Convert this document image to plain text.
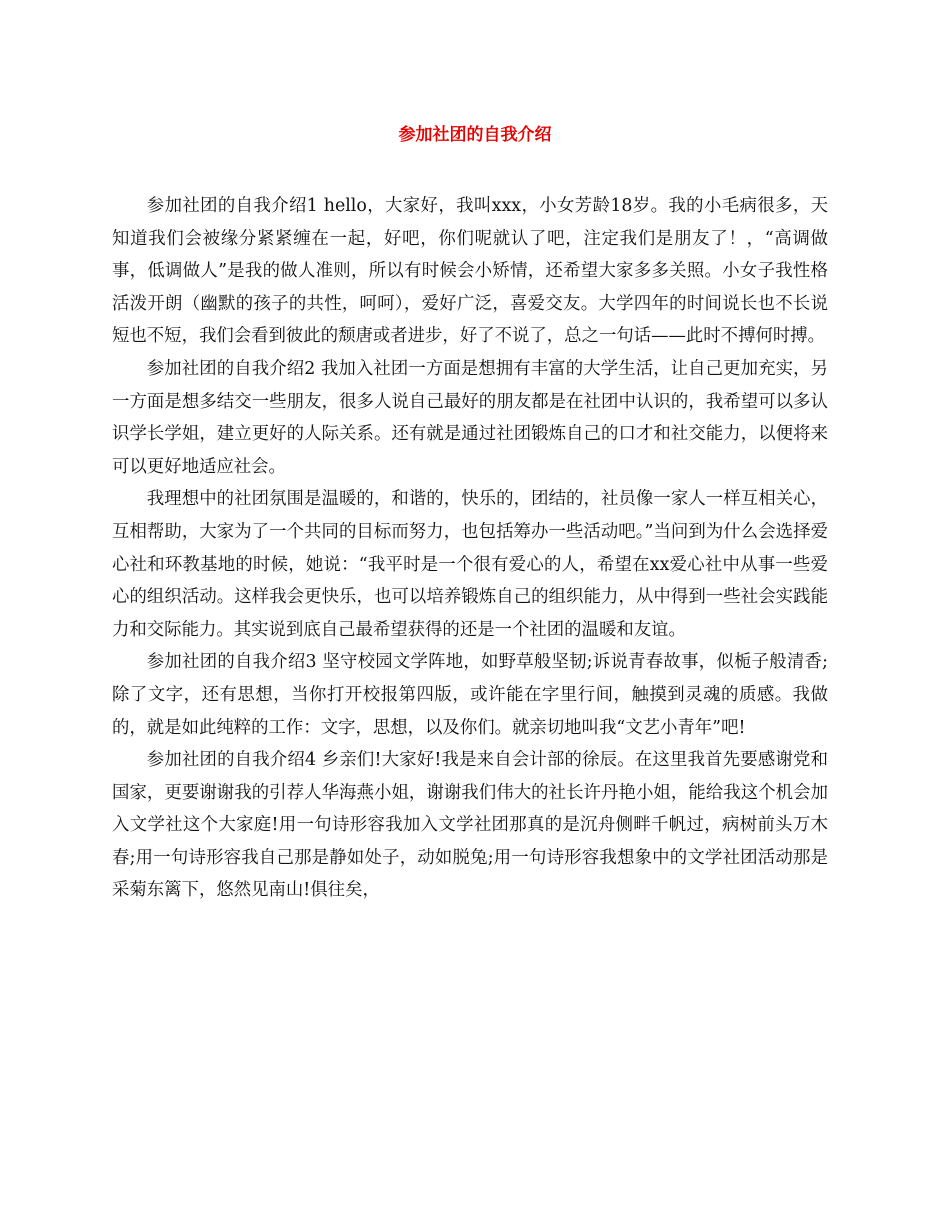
参加社团的自我介绍

参加社团的自我介绍1 hello，大家好，我叫xxx，小女芳龄18岁。我的小毛病很多，天知道我们会被缘分紧紧缠在一起，好吧，你们呢就认了吧，注定我们是朋友了！，“高调做事，低调做人”是我的做人准则，所以有时候会小矫情，还希望大家多多关照。小女子我性格活泼开朗（幽默的孩子的共性，呵呵），爱好广泛，喜爱交友。大学四年的时间说长也不长说短也不短，我们会看到彼此的颓唐或者进步，好了不说了，总之一句话——此时不搏何时搏。

参加社团的自我介绍2 我加入社团一方面是想拥有丰富的大学生活，让自己更加充实，另一方面是想多结交一些朋友，很多人说自己最好的朋友都是在社团中认识的，我希望可以多认识学长学姐，建立更好的人际关系。还有就是通过社团锻炼自己的口才和社交能力，以便将来可以更好地适应社会。

我理想中的社团氛围是温暖的，和谐的，快乐的，团结的，社员像一家人一样互相关心，互相帮助，大家为了一个共同的目标而努力，也包括筹办一些活动吧。”当问到为什么会选择爱心社和环教基地的时候，她说：“我平时是一个很有爱心的人，希望在xx爱心社中从事一些爱心的组织活动。这样我会更快乐，也可以培养锻炼自己的组织能力，从中得到一些社会实践能力和交际能力。其实说到底自己最希望获得的还是一个社团的温暖和友谊。

参加社团的自我介绍3 坚守校园文学阵地，如野草般坚韧;诉说青春故事，似栀子般清香;除了文字，还有思想，当你打开校报第四版，或许能在字里行间，触摸到灵魂的质感。我做的，就是如此纯粹的工作：文字，思想，以及你们。就亲切地叫我“文艺小青年”吧!

参加社团的自我介绍4 乡亲们!大家好!我是来自会计部的徐辰。在这里我首先要感谢党和国家，更要谢谢我的引荐人华海燕小姐，谢谢我们伟大的社长许丹艳小姐，能给我这个机会加入文学社这个大家庭!用一句诗形容我加入文学社团那真的是沉舟侧畔千帆过，病树前头万木春;用一句诗形容我自己那是静如处子，动如脱兔;用一句诗形容我想象中的文学社团活动那是采菊东篱下，悠然见南山!俱往矣，
